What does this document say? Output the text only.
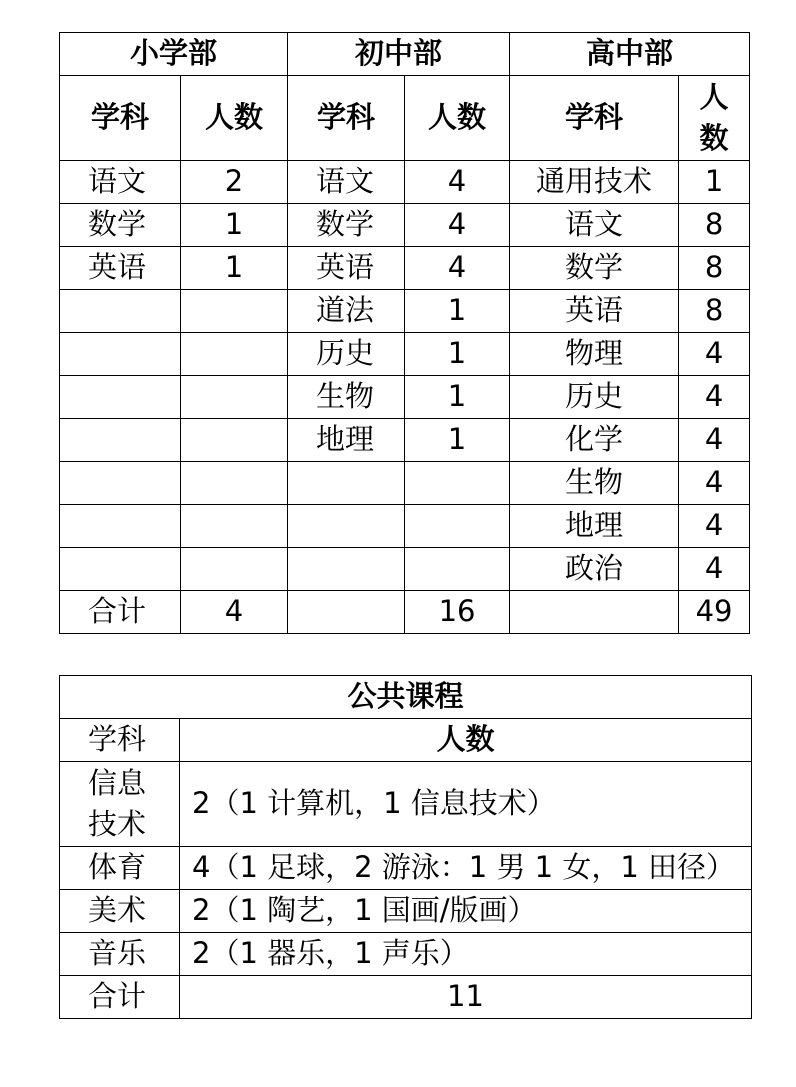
小学部		初中部		高中部	
学科	人数	学科	人数	学科	人
数

语文	2	语文	4	通用技术	1
数学	1	数学	4	语文	8
英语	1	英语	4	数学	8
		道法	1	英语	8
		历史	1	物理	4
		生物	1	历史	4
		地理	1	化学	4
				生物	4
				地理	4
				政治	4
合计	4		16		49
公共课程	
学科	人数

信息
技术	2（1 计算机，1 信息技术）
体育	4（1 足球，2 游泳：1 男 1 女，1 田径）
美术	2（1 陶艺，1 国画/版画）
音乐	2（1 器乐，1 声乐）
合计	11
